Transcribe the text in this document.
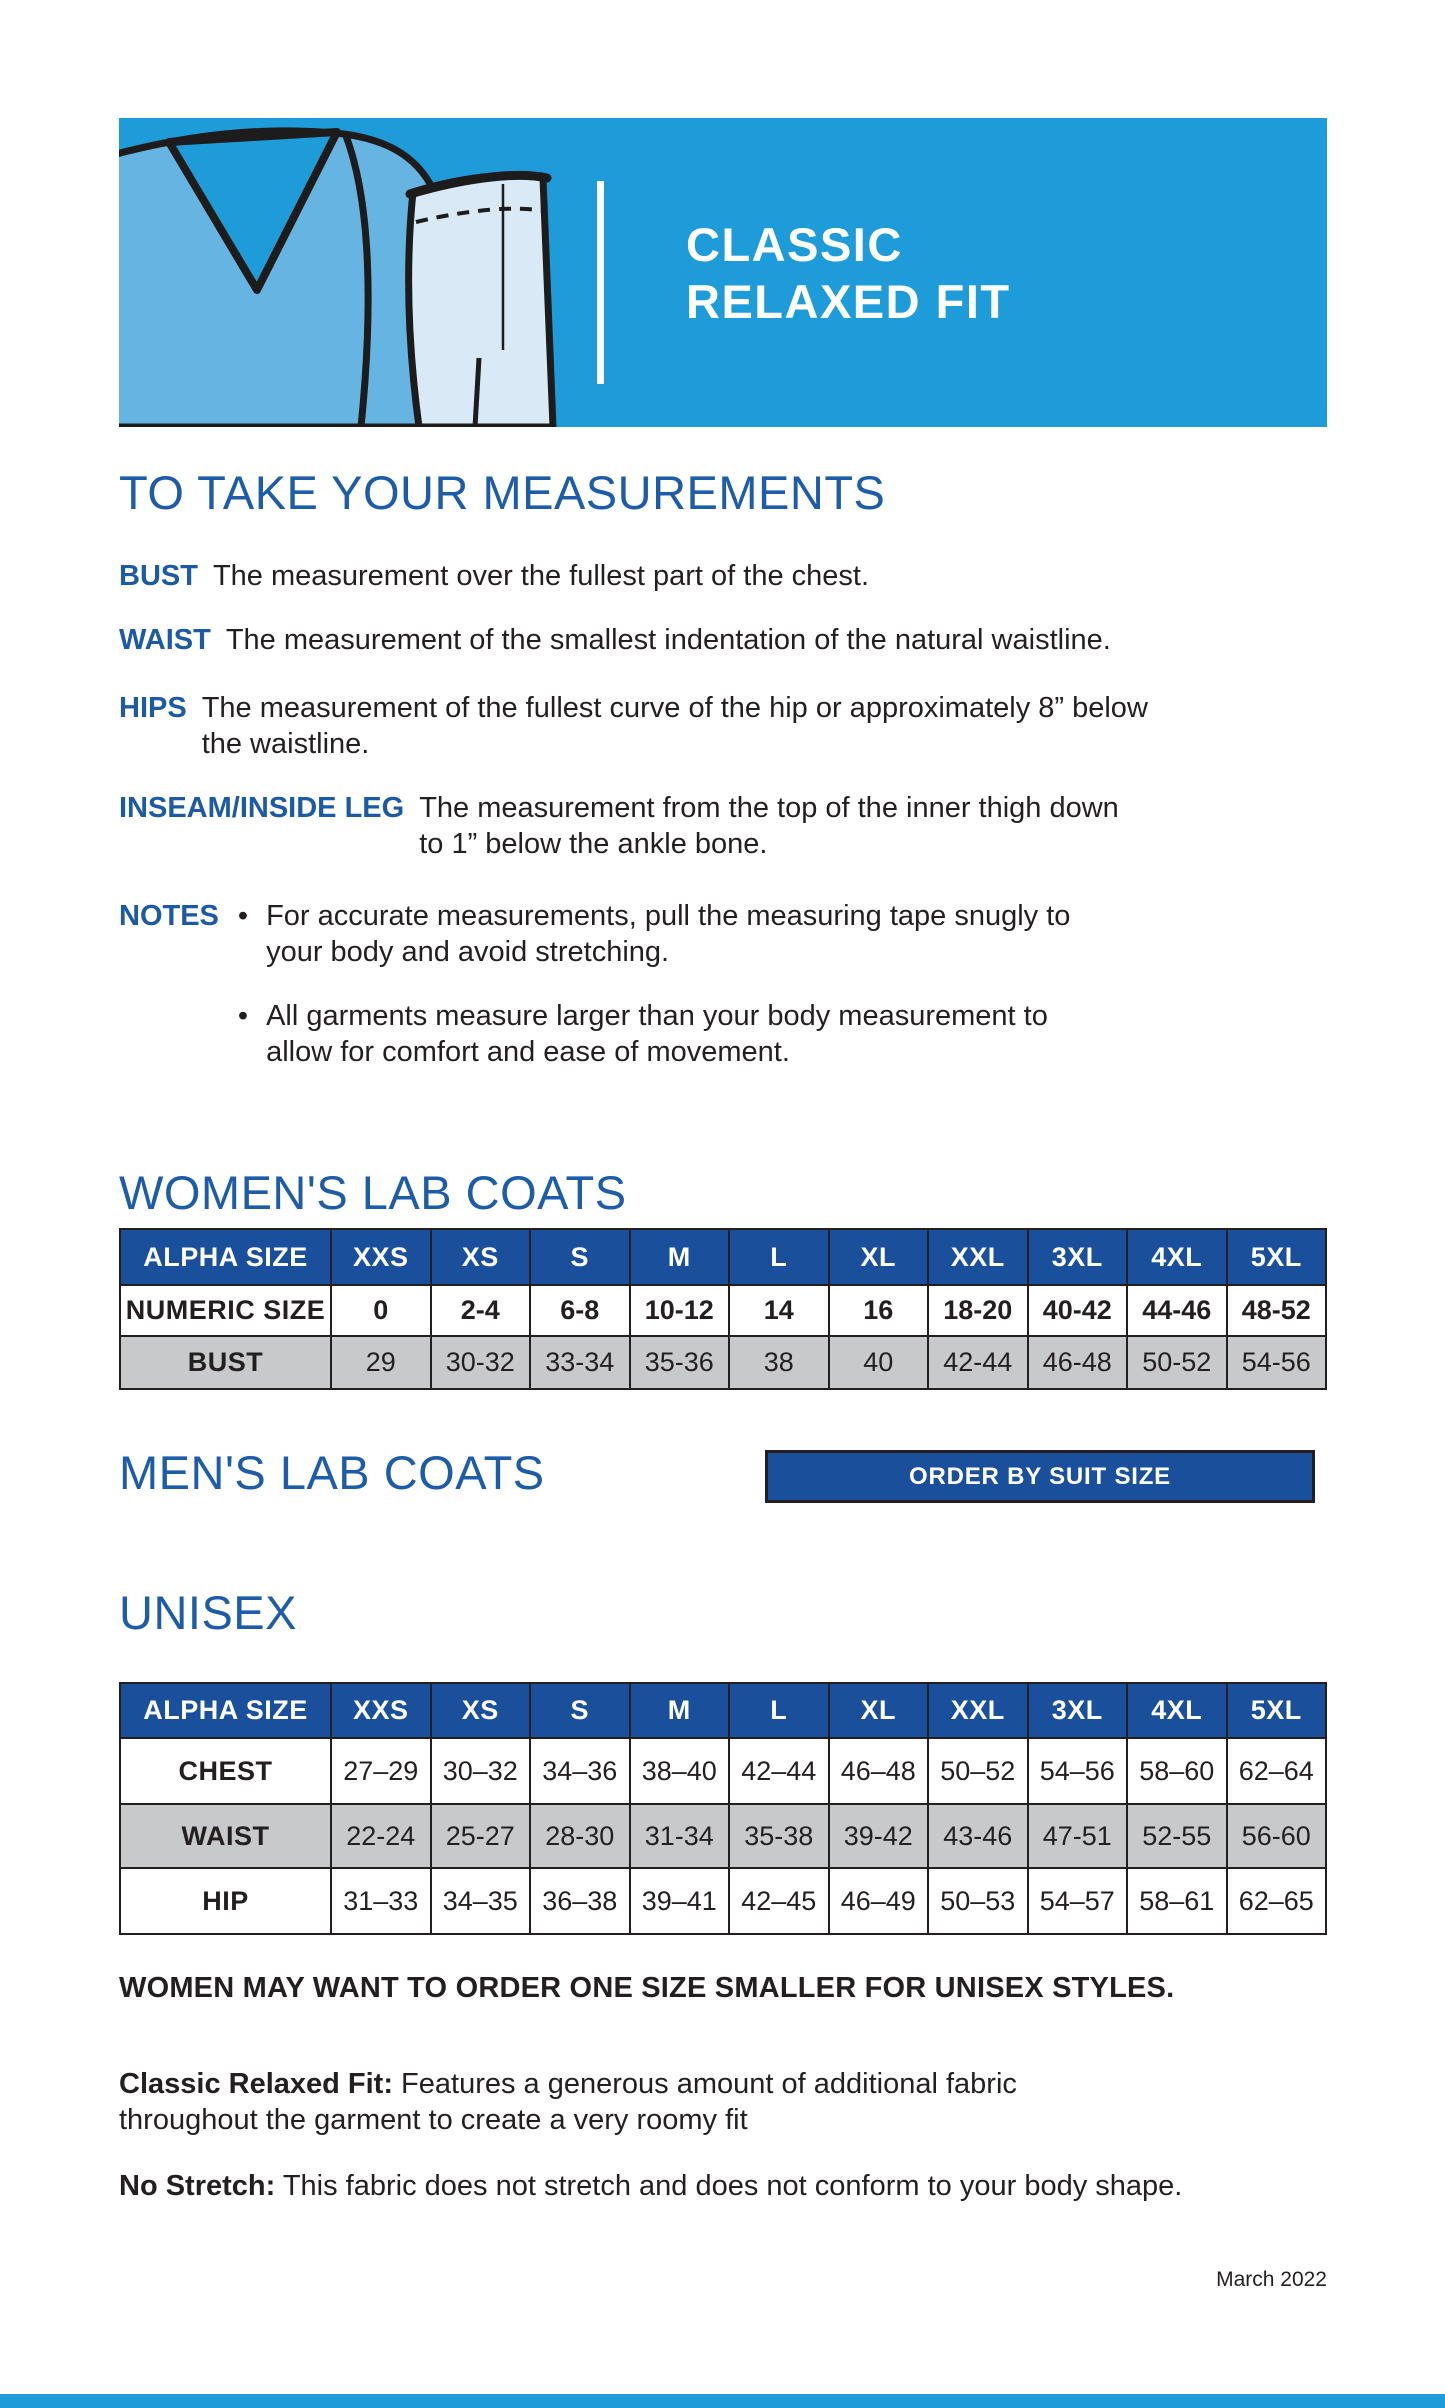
CLASSIC
RELAXED FIT
TO TAKE YOUR MEASUREMENTS
BUST The measurement over the fullest part of the chest.
WAIST The measurement of the smallest indentation of the natural waistline.
HIPS The measurement of the fullest curve of the hip or approximately 8” below the waistline.
INSEAM/INSIDE LEG The measurement from the top of the inner thigh down to 1” below the ankle bone.
NOTES • For accurate measurements, pull the measuring tape snugly to your body and avoid stretching.
• All garments measure larger than your body measurement to allow for comfort and ease of movement.
WOMEN'S LAB COATS
ALPHA SIZE	XXS	XS	S	M	L	XL	XXL	3XL	4XL	5XL
NUMERIC SIZE	0	2-4	6-8	10-12	14	16	18-20	40-42	44-46	48-52
BUST	29	30-32	33-34	35-36	38	40	42-44	46-48	50-52	54-56
MEN'S LAB COATS	ORDER BY SUIT SIZE
UNISEX
ALPHA SIZE	XXS	XS	S	M	L	XL	XXL	3XL	4XL	5XL
CHEST	27–29	30–32	34–36	38–40	42–44	46–48	50–52	54–56	58–60	62–64
WAIST	22-24	25-27	28-30	31-34	35-38	39-42	43-46	47-51	52-55	56-60
HIP	31–33	34–35	36–38	39–41	42–45	46–49	50–53	54–57	58–61	62–65
WOMEN MAY WANT TO ORDER ONE SIZE SMALLER FOR UNISEX STYLES.
Classic Relaxed Fit: Features a generous amount of additional fabric throughout the garment to create a very roomy fit
No Stretch: This fabric does not stretch and does not conform to your body shape.
March 2022
